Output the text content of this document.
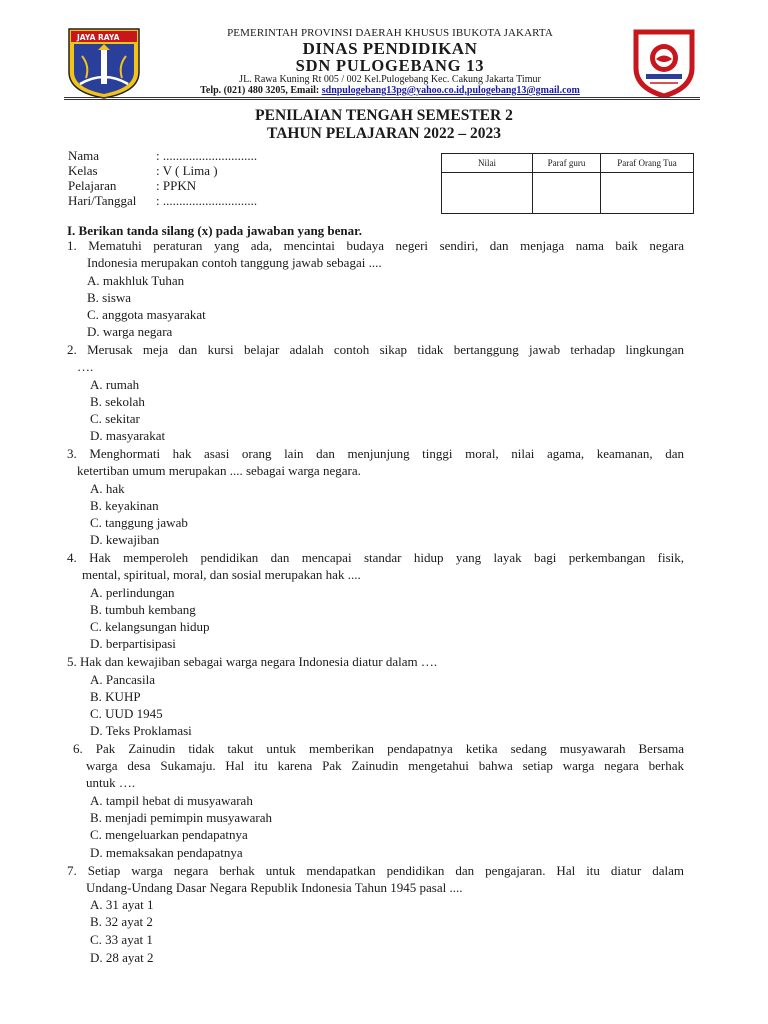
JAYA RAYA	PEMERINTAH PROVINSI DAERAH KHUSUS IBUKOTA JAKARTA
DINAS PENDIDIKAN
SDN PULOGEBANG 13
JL. Rawa Kuning Rt 005 / 002 Kel.Pulogebang Kec. Cakung Jakarta Timur
Telp. (021) 480 3205, Email: sdnpulogebang13pg@yahoo.co.id,pulogebang13@gmail.com
PENILAIAN TENGAH SEMESTER 2
TAHUN PELAJARAN 2022 – 2023
Nama	: .............................
Kelas	: V ( Lima )
Pelajaran	: PPKN
Hari/Tanggal : .............................
Nilai	Paraf guru	Paraf Orang Tua

I. Berikan tanda silang (x) pada jawaban yang benar.
1. Mematuhi peraturan yang ada, mencintai budaya negeri sendiri, dan menjaga nama baik negara
Indonesia merupakan contoh tanggung jawab sebagai ....
A. makhluk Tuhan
B. siswa
C. anggota masyarakat
D. warga negara
2. Merusak meja dan kursi belajar adalah contoh sikap tidak bertanggung jawab terhadap lingkungan
….
A. rumah
B. sekolah
C. sekitar
D. masyarakat
3. Menghormati hak asasi orang lain dan menjunjung tinggi moral, nilai agama, keamanan, dan
ketertiban umum merupakan .... sebagai warga negara.
A. hak
B. keyakinan
C. tanggung jawab
D. kewajiban
4. Hak memperoleh pendidikan dan mencapai standar hidup yang layak bagi perkembangan fisik,
mental, spiritual, moral, dan sosial merupakan hak ....
A. perlindungan
B. tumbuh kembang
C. kelangsungan hidup
D. berpartisipasi
5. Hak dan kewajiban sebagai warga negara Indonesia diatur dalam ….
A. Pancasila
B. KUHP
C. UUD 1945
D. Teks Proklamasi
6. Pak Zainudin tidak takut untuk memberikan pendapatnya ketika sedang musyawarah Bersama
warga desa Sukamaju. Hal itu karena Pak Zainudin mengetahui bahwa setiap warga negara berhak
untuk ….
A. tampil hebat di musyawarah
B. menjadi pemimpin musyawarah
C. mengeluarkan pendapatnya
D. memaksakan pendapatnya
7. Setiap warga negara berhak untuk mendapatkan pendidikan dan pengajaran. Hal itu diatur dalam
Undang-Undang Dasar Negara Republik Indonesia Tahun 1945 pasal ....
A. 31 ayat 1
B. 32 ayat 2
C. 33 ayat 1
D. 28 ayat 2
